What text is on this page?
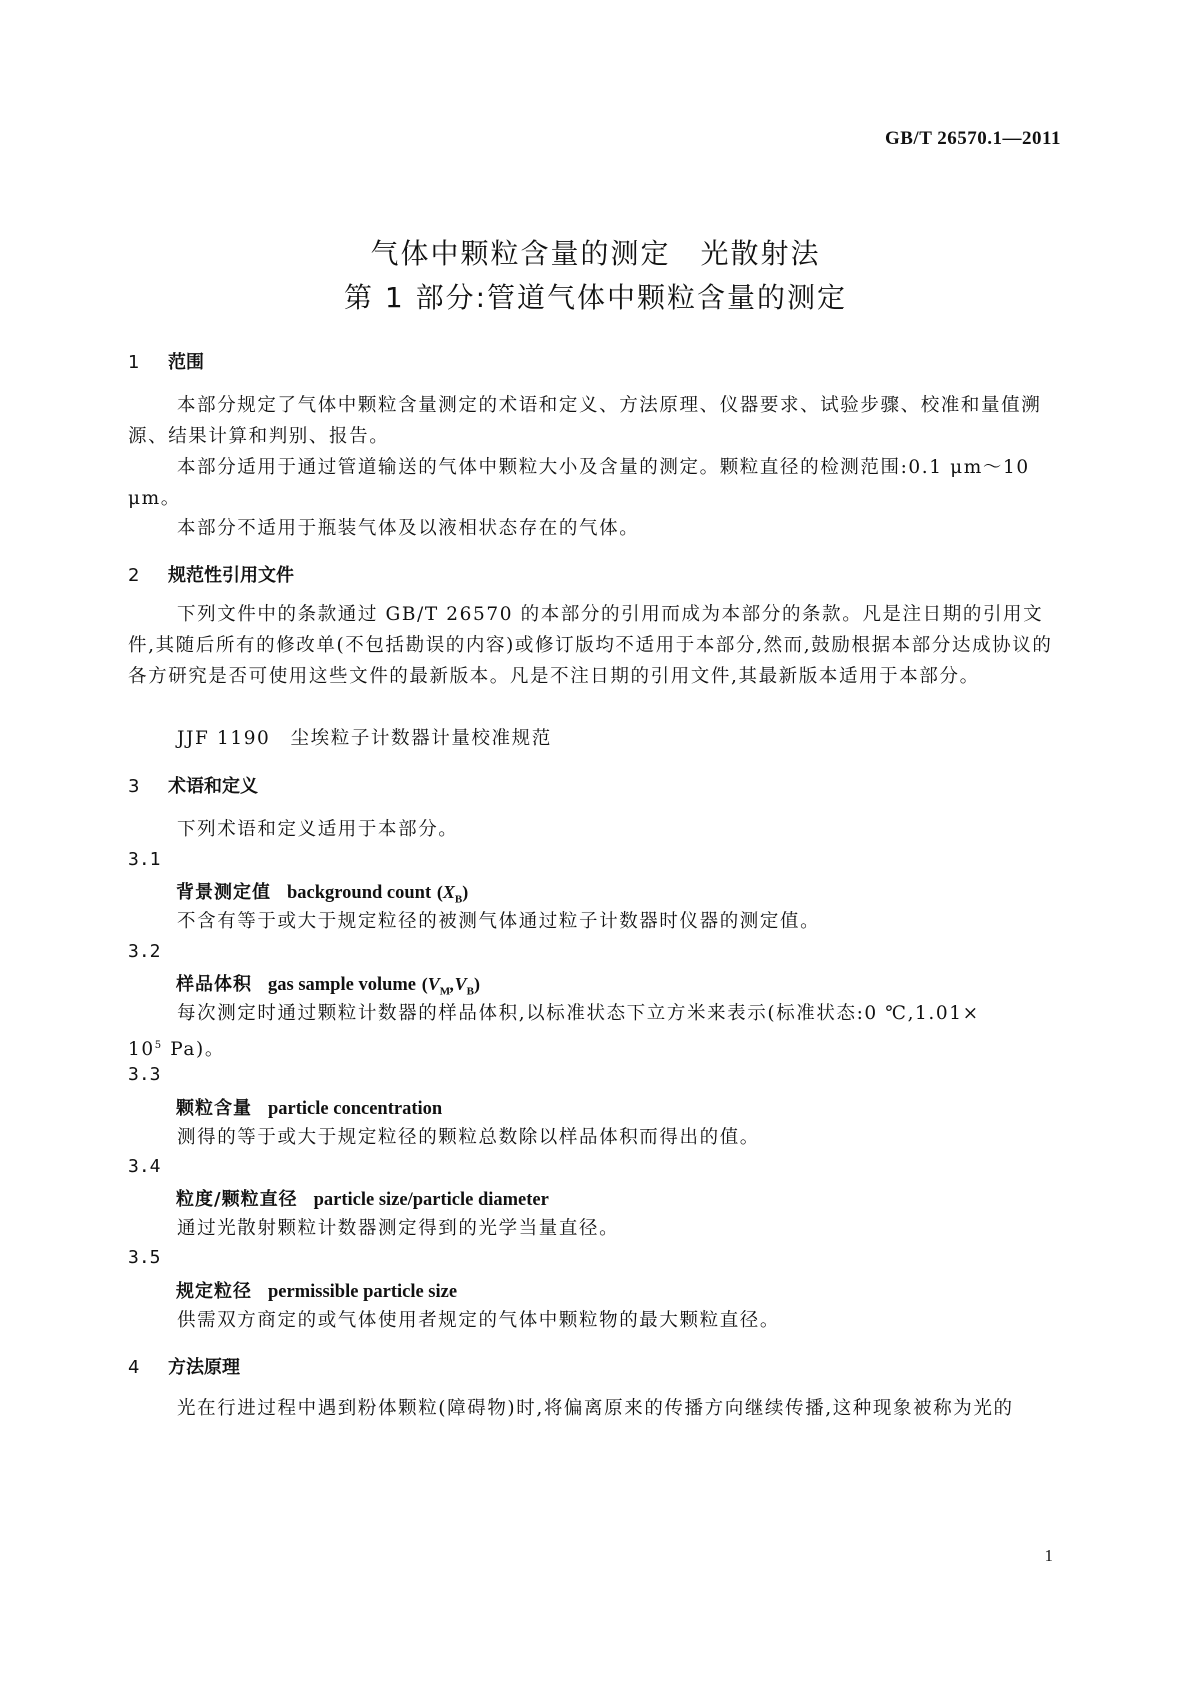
GB/T 26570.1—2011
气体中颗粒含量的测定　光散射法
第 1 部分:管道气体中颗粒含量的测定
1 范围
本部分规定了气体中颗粒含量测定的术语和定义、方法原理、仪器要求、试验步骤、校准和量值溯源、结果计算和判别、报告。
本部分适用于通过管道输送的气体中颗粒大小及含量的测定。颗粒直径的检测范围:0.1 μm～10 μm。
本部分不适用于瓶装气体及以液相状态存在的气体。
2 规范性引用文件
下列文件中的条款通过 GB/T 26570 的本部分的引用而成为本部分的条款。凡是注日期的引用文件,其随后所有的修改单(不包括勘误的内容)或修订版均不适用于本部分,然而,鼓励根据本部分达成协议的各方研究是否可使用这些文件的最新版本。凡是不注日期的引用文件,其最新版本适用于本部分。
JJF 1190　尘埃粒子计数器计量校准规范
3 术语和定义
下列术语和定义适用于本部分。
3.1
背景测定值 background count $(X_B)$
不含有等于或大于规定粒径的被测气体通过粒子计数器时仪器的测定值。
3.2
样品体积 gas sample volume $(V_M,V_B)$
每次测定时通过颗粒计数器的样品体积,以标准状态下立方米来表示(标准状态:0 ℃,1.01×
$10^5$ Pa)。
3.3
颗粒含量 particle concentration
测得的等于或大于规定粒径的颗粒总数除以样品体积而得出的值。
3.4
粒度/颗粒直径 particle size/particle diameter
通过光散射颗粒计数器测定得到的光学当量直径。
3.5
规定粒径 permissible particle size
供需双方商定的或气体使用者规定的气体中颗粒物的最大颗粒直径。
4 方法原理
光在行进过程中遇到粉体颗粒(障碍物)时,将偏离原来的传播方向继续传播,这种现象被称为光的
1
